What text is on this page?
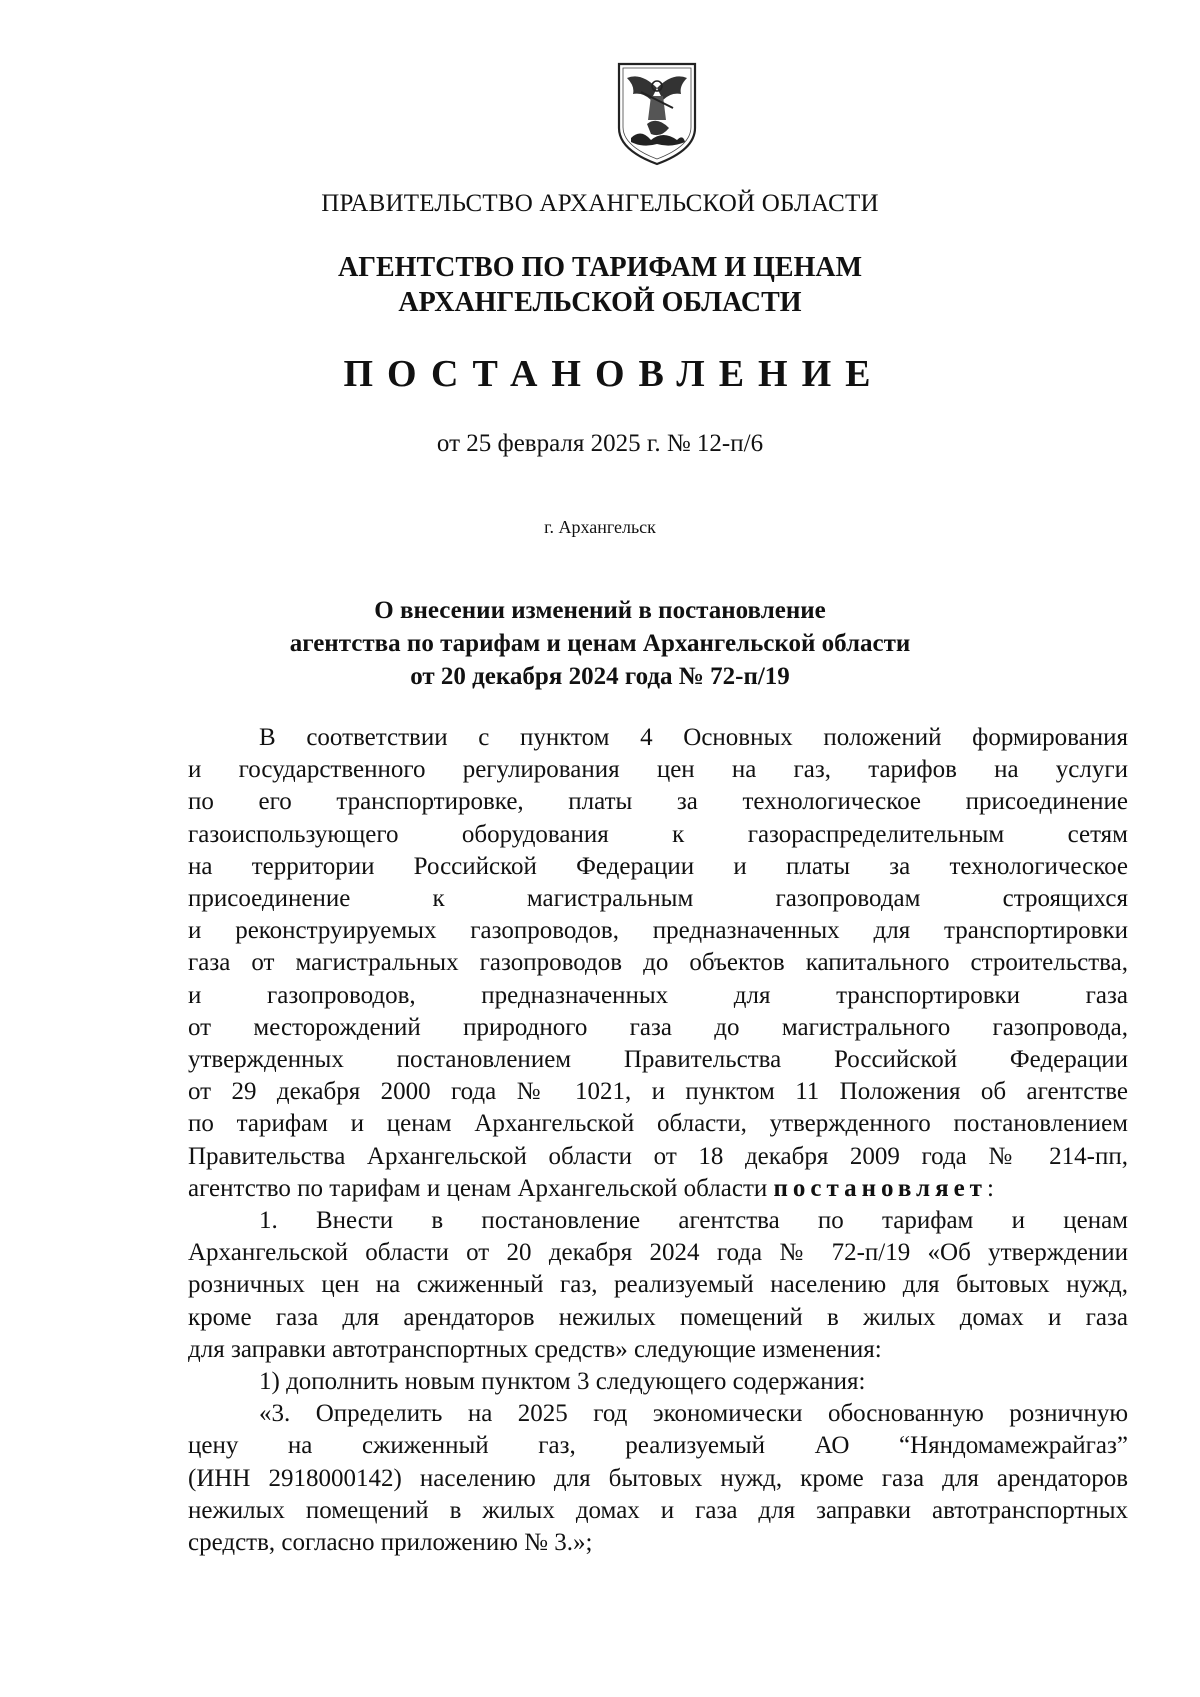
ПРАВИТЕЛЬСТВО АРХАНГЕЛЬСКОЙ ОБЛАСТИ
АГЕНТСТВО ПО ТАРИФАМ И ЦЕНАМ
АРХАНГЕЛЬСКОЙ ОБЛАСТИ
ПОСТАНОВЛЕНИЕ
от 25 февраля 2025 г. № 12-п/6
г. Архангельск
О внесении изменений в постановление
агентства по тарифам и ценам Архангельской области
от 20 декабря 2024 года № 72-п/19

В соответствии с пунктом 4 Основных положений формирования
и государственного регулирования цен на газ, тарифов на услуги
по его транспортировке, платы за технологическое присоединение
газоиспользующего оборудования к газораспределительным сетям
на территории Российской Федерации и платы за технологическое
присоединение к магистральным газопроводам строящихся
и реконструируемых газопроводов, предназначенных для транспортировки
газа от магистральных газопроводов до объектов капитального строительства,
и газопроводов, предназначенных для транспортировки газа
от месторождений природного газа до магистрального газопровода,
утвержденных постановлением Правительства Российской Федерации
от 29 декабря 2000 года № 1021, и пунктом 11 Положения об агентстве
по тарифам и ценам Архангельской области, утвержденного постановлением
Правительства Архангельской области от 18 декабря 2009 года № 214-пп,
агентство по тарифам и ценам Архангельской области постановляет:

1. Внести в постановление агентства по тарифам и ценам
Архангельской области от 20 декабря 2024 года № 72-п/19 «Об утверждении
розничных цен на сжиженный газ, реализуемый населению для бытовых нужд,
кроме газа для арендаторов нежилых помещений в жилых домах и газа
для заправки автотранспортных средств» следующие изменения:

1) дополнить новым пунктом 3 следующего содержания:

«3. Определить на 2025 год экономически обоснованную розничную
цену на сжиженный газ, реализуемый АО “Няндомамежрайгаз”
(ИНН 2918000142) населению для бытовых нужд, кроме газа для арендаторов
нежилых помещений в жилых домах и газа для заправки автотранспортных
средств, согласно приложению № 3.»;
